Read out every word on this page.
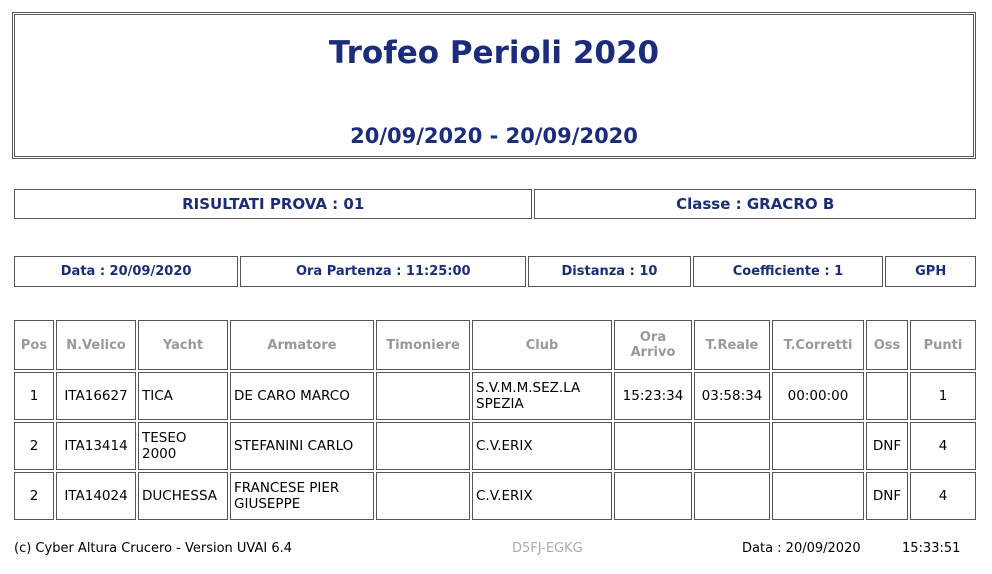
Trofeo Perioli 2020
20/09/2020 - 20/09/2020
RISULTATI PROVA : 01	Classe : GRACRO B
Data : 20/09/2020	Ora Partenza : 11:25:00	Distanza : 10	Coefficiente : 1	GPH
Pos	N.Velico	Yacht	Armatore	Timoniere	Club	Ora Arrivo	T.Reale	T.Corretti	Oss	Punti
1	ITA16627	TICA	DE CARO MARCO		S.V.M.M.SEZ.LA SPEZIA	15:23:34	03:58:34	00:00:00		1
2	ITA13414	TESEO 2000	STEFANINI CARLO		C.V.ERIX				DNF	4
2	ITA14024	DUCHESSA	FRANCESE PIER GIUSEPPE		C.V.ERIX				DNF	4
(c) Cyber Altura Crucero - Version UVAI 6.4	D5FJ-EGKG	Data : 20/09/2020	15:33:51
